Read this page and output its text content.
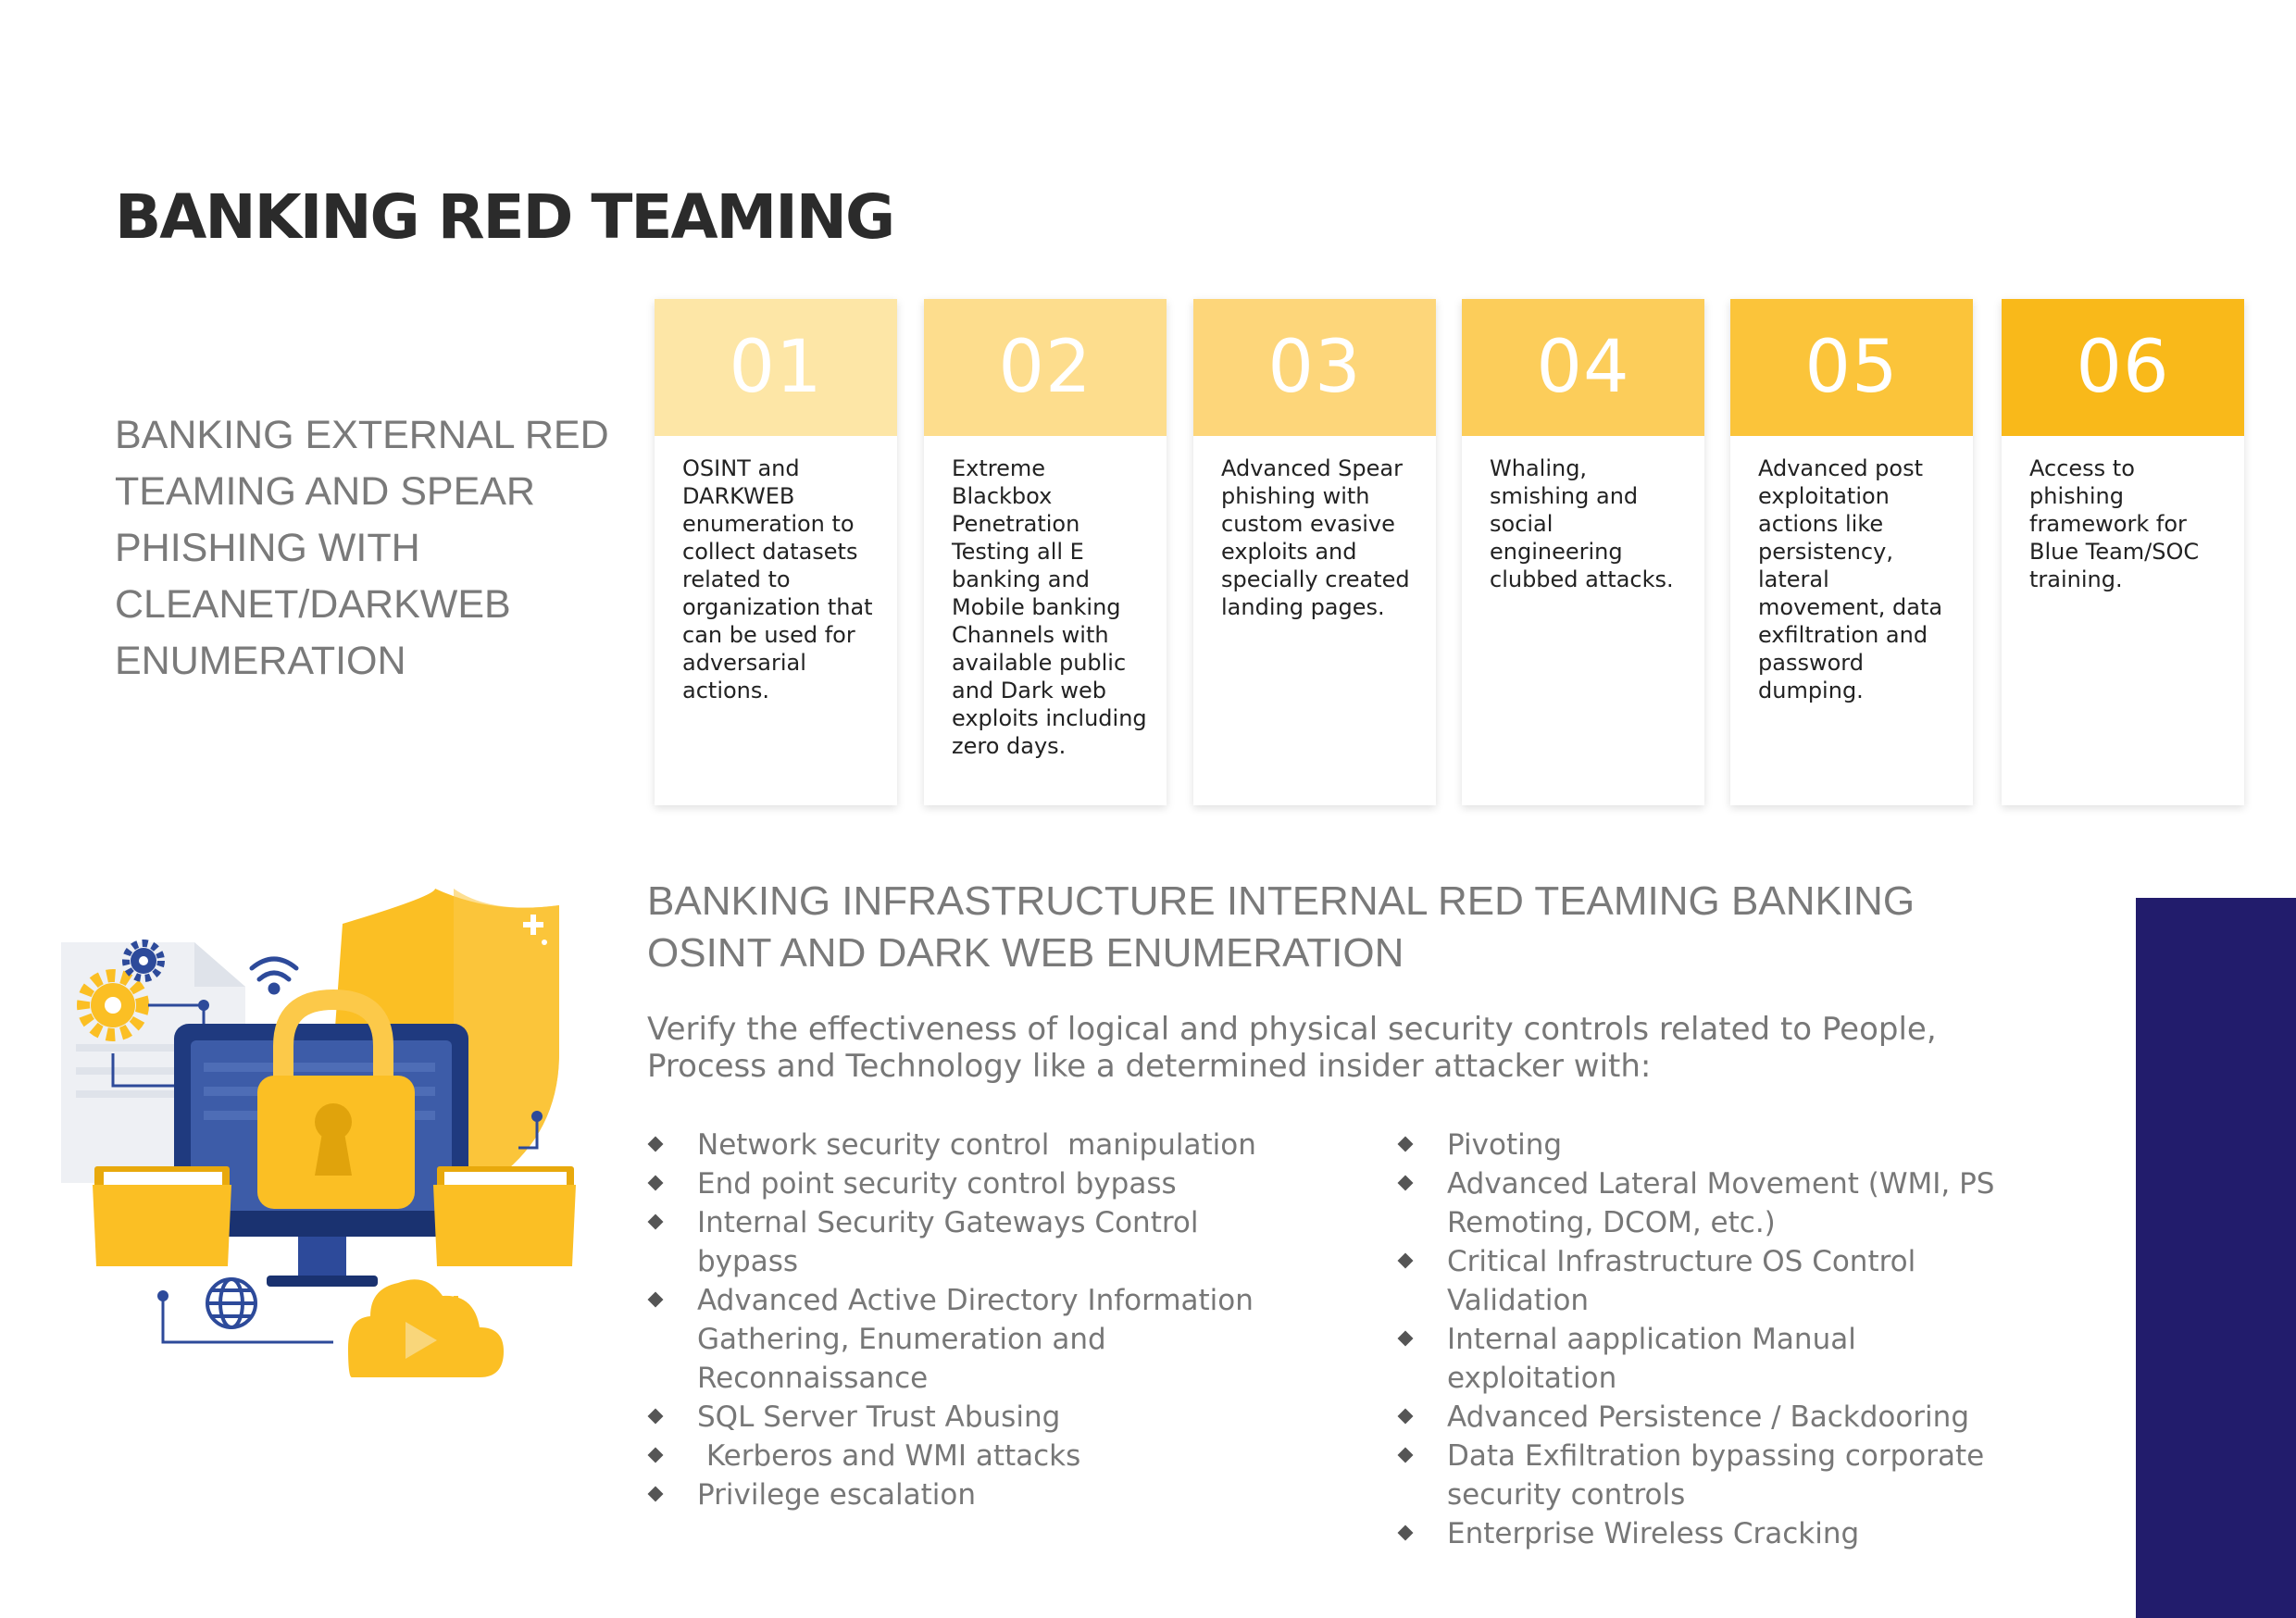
BANKING RED TEAMING
BANKING EXTERNAL RED TEAMING AND SPEAR PHISHING WITH CLEANET/DARKWEB ENUMERATION
01
OSINT and DARKWEB enumeration to collect datasets related to organization that can be used for adversarial actions.
02
Extreme Blackbox Penetration Testing all E banking and Mobile banking Channels with available public and Dark web exploits including zero days.
03
Advanced Spear phishing with custom evasive exploits and specially created landing pages.
04
Whaling, smishing and social engineering clubbed attacks.
05
Advanced post exploitation actions like persistency, lateral movement, data exfiltration and password dumping.
06
Access to phishing framework for Blue Team/SOC training.
BANKING INFRASTRUCTURE INTERNAL RED TEAMING BANKING OSINT AND DARK WEB ENUMERATION
Verify the effectiveness of logical and physical security controls related to People, Process and Technology like a determined insider attacker with:
Network security control  manipulation
End point security control bypass
Internal Security Gateways Control bypass
Advanced Active Directory Information Gathering, Enumeration and Reconnaissance
SQL Server Trust Abusing
Kerberos and WMI attacks
Privilege escalation
Pivoting
Advanced Lateral Movement (WMI, PS Remoting, DCOM, etc.)
Critical Infrastructure OS Control Validation
Internal aapplication Manual exploitation
Advanced Persistence / Backdooring
Data Exfiltration bypassing corporate security controls
Enterprise Wireless Cracking
